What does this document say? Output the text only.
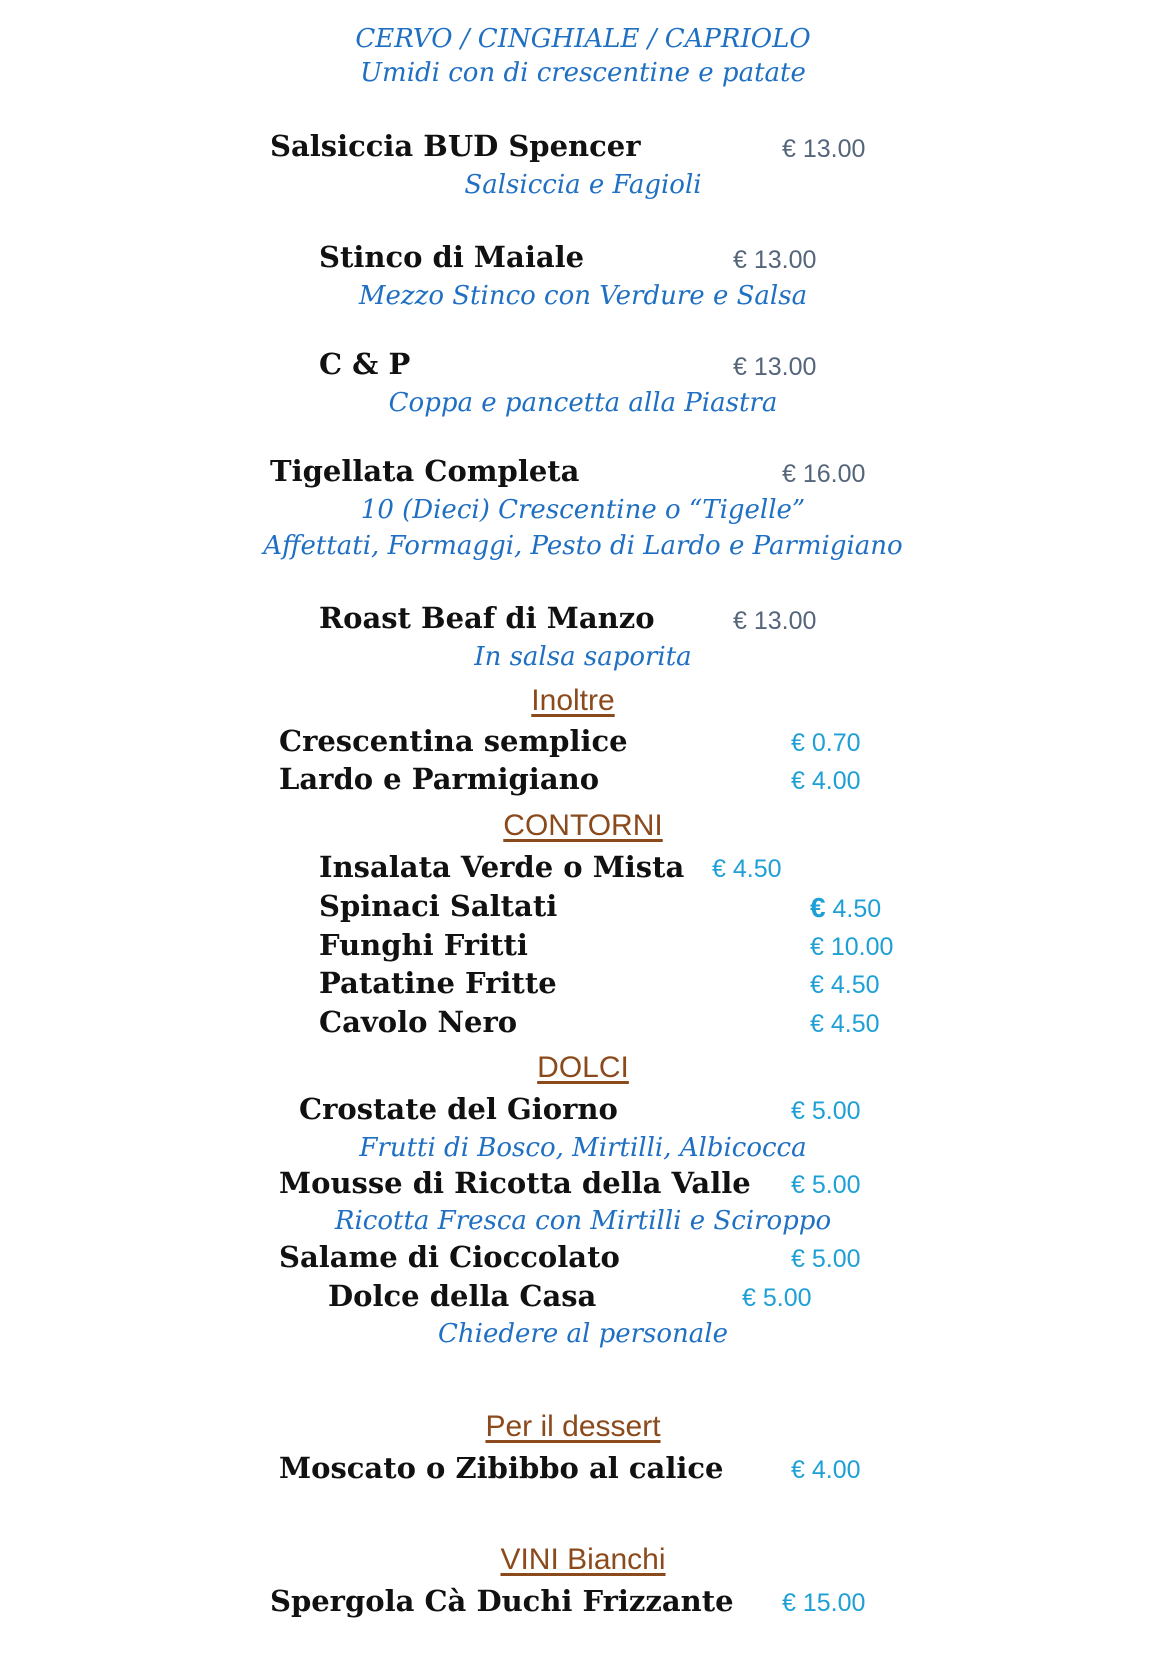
CERVO / CINGHIALE / CAPRIOLO
Umidi con di crescentine e patate
Salsiccia BUD Spencer	€ 13.00
Salsiccia e Fagioli
Stinco di Maiale	€ 13.00
Mezzo Stinco con Verdure e Salsa
C & P	€ 13.00
Coppa e pancetta alla Piastra
Tigellata Completa	€ 16.00
10 (Dieci) Crescentine o “Tigelle”
Affettati, Formaggi, Pesto di Lardo e Parmigiano
Roast Beaf di Manzo	€ 13.00
In salsa saporita
Inoltre
Crescentina semplice	€ 0.70
Lardo e Parmigiano	€ 4.00
CONTORNI
Insalata Verde o Mista € 4.50
Spinaci Saltati	€ 4.50
Funghi Fritti	€ 10.00
Patatine Fritte	€ 4.50
Cavolo Nero	€ 4.50
DOLCI
Crostate del Giorno	€ 5.00
Frutti di Bosco, Mirtilli, Albicocca
Mousse di Ricotta della Valle € 5.00
Ricotta Fresca con Mirtilli e Sciroppo
Salame di Cioccolato	€ 5.00
Dolce della Casa	€ 5.00
Chiedere al personale
Per il dessert
Moscato o Zibibbo al calice	€ 4.00
VINI Bianchi
Spergola Cà Duchi Frizzante € 15.00
